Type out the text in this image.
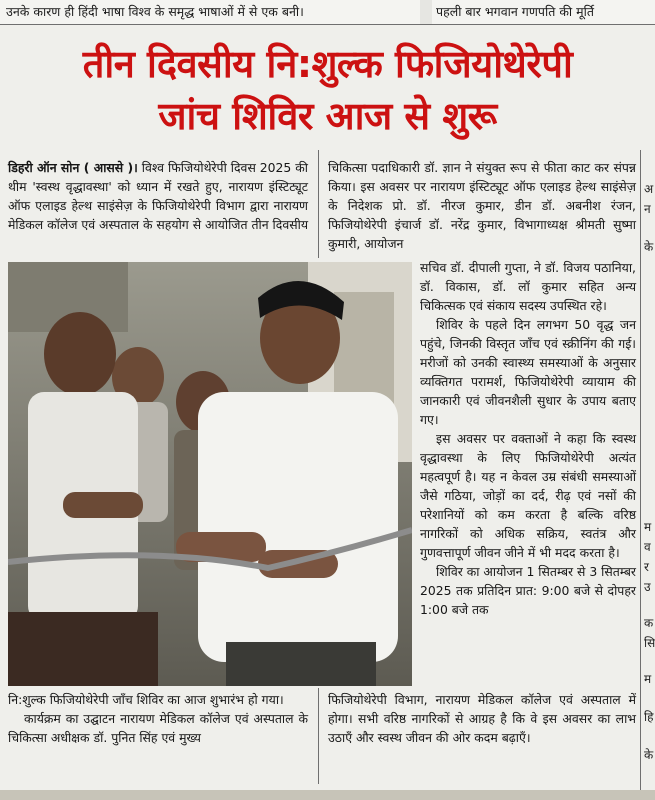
उनके कारण ही हिंदी भाषा विश्व के समृद्ध भाषाओं में से एक बनी।	पहली बार भगवान गणपति की मूर्ति
तीन दिवसीय नि:शुल्क फिजियोथेरेपी
जांच शिविर आज से शुरू

डिहरी ऑन सोन ( आससे )। विश्व फिजियोथेरेपी दिवस 2025 की थीम 'स्वस्थ वृद्धावस्था' को ध्यान में रखते हुए, नारायण इंस्टिट्यूट ऑफ एलाइड हेल्थ साइंसेज़ के फिजियोथेरेपी विभाग द्वारा नारायण मेडिकल कॉलेज एवं अस्पताल के सहयोग से आयोजित तीन दिवसीय

चिकित्सा पदाधिकारी डॉ. ज्ञान ने संयुक्त रूप से फीता काट कर संपन्न किया। इस अवसर पर नारायण इंस्टिट्यूट ऑफ एलाइड हेल्थ साइंसेज़ के निदेशक प्रो. डॉ. नीरज कुमार, डीन डॉ. अबनीश रंजन, फिजियोथेरेपी इंचार्ज डॉ. नरेंद्र कुमार, विभागाध्यक्ष श्रीमती सुष्मा कुमारी, आयोजन

सचिव डॉ. दीपाली गुप्ता, ने डॉ. विजय पठानिया, डॉ. विकास, डॉ. लॉ कुमार सहित अन्य चिकित्सक एवं संकाय सदस्य उपस्थित रहे।

शिविर के पहले दिन लगभग 50 वृद्ध जन पहुंचे, जिनकी विस्तृत जाँच एवं स्क्रीनिंग की गई। मरीजों को उनकी स्वास्थ्य समस्याओं के अनुसार व्यक्तिगत परामर्श, फिजियोथेरेपी व्यायाम की जानकारी एवं जीवनशैली सुधार के उपाय बताए गए।

इस अवसर पर वक्ताओं ने कहा कि स्वस्थ वृद्धावस्था के लिए फिजियोथेरेपी अत्यंत महत्वपूर्ण है। यह न केवल उम्र संबंधी समस्याओं जैसे गठिया, जोड़ों का दर्द, रीढ़ एवं नसों की परेशानियों को कम करता है बल्कि वरिष्ठ नागरिकों को अधिक सक्रिय, स्वतंत्र और गुणवत्तापूर्ण जीवन जीने में भी मदद करता है।

शिविर का आयोजन 1 सितम्बर से 3 सितम्बर 2025 तक प्रतिदिन प्रात: 9:00 बजे से दोपहर 1:00 बजे तक

नि:शुल्क फिजियोथेरेपी जाँच शिविर का आज शुभारंभ हो गया।

कार्यक्रम का उद्घाटन नारायण मेडिकल कॉलेज एवं अस्पताल के चिकित्सा अधीक्षक डॉ. पुनित सिंह एवं मुख्य

फिजियोथेरेपी विभाग, नारायण मेडिकल कॉलेज एवं अस्पताल में होगा। सभी वरिष्ठ नागरिकों से आग्रह है कि वे इस अवसर का लाभ उठाएँ और स्वस्थ जीवन की ओर कदम बढ़ाएँ।

अ
न
के
म
व
र
उ
क
सि
म
हि
के
